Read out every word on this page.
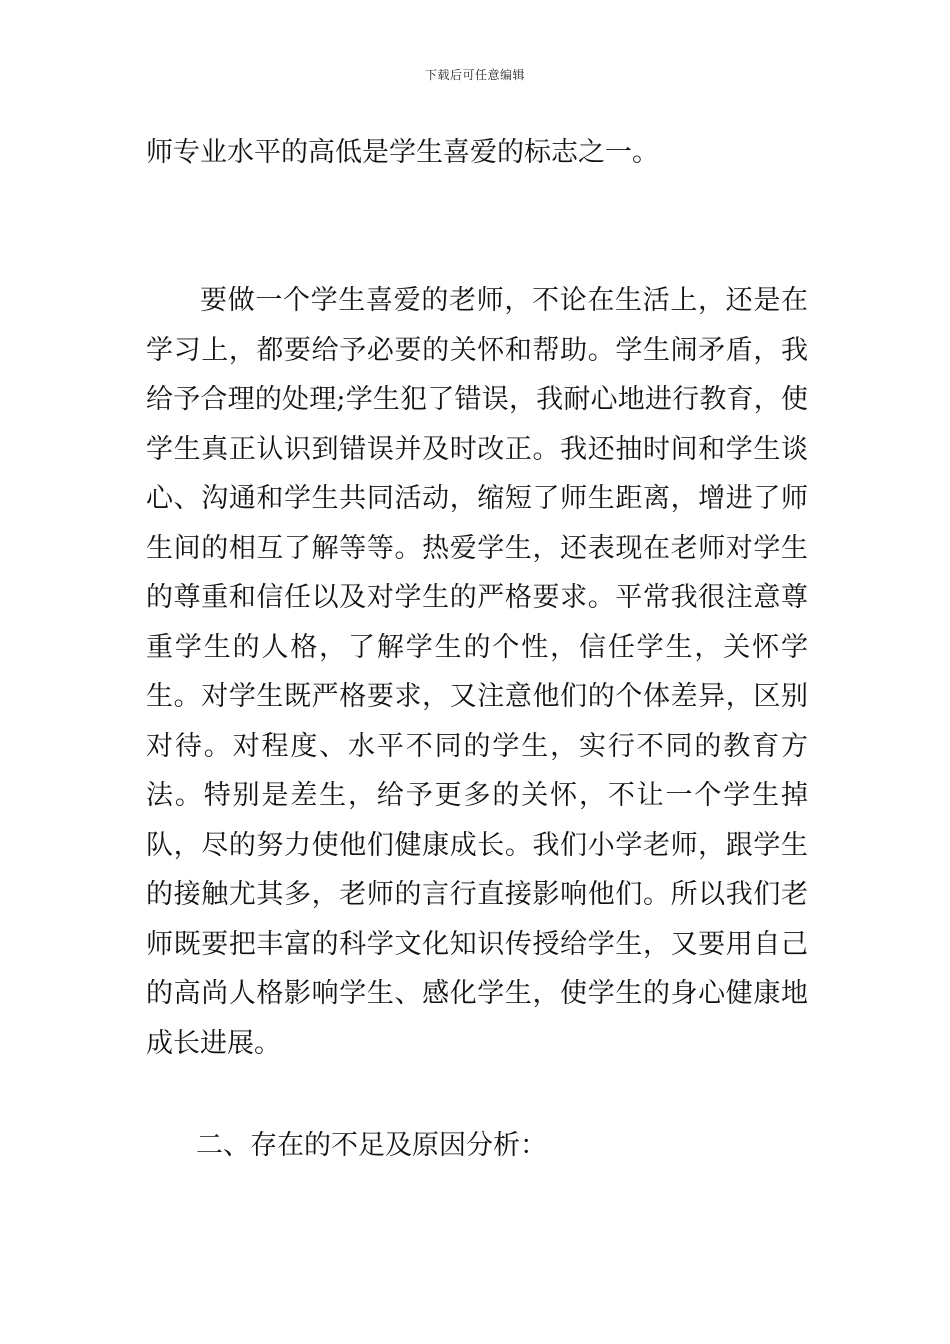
下载后可任意编辑

师专业水平的高低是学生喜爱的标志之一。

要做一个学生喜爱的老师，不论在生活上，还是在学习上，都要给予必要的关怀和帮助。学生闹矛盾，我给予合理的处理;学生犯了错误，我耐心地进行教育，使学生真正认识到错误并及时改正。我还抽时间和学生谈心、沟通和学生共同活动，缩短了师生距离，增进了师生间的相互了解等等。热爱学生，还表现在老师对学生的尊重和信任以及对学生的严格要求。平常我很注意尊重学生的人格，了解学生的个性，信任学生，关怀学生。对学生既严格要求，又注意他们的个体差异，区别对待。对程度、水平不同的学生，实行不同的教育方法。特别是差生，给予更多的关怀，不让一个学生掉队，尽的努力使他们健康成长。我们小学老师，跟学生的接触尤其多，老师的言行直接影响他们。所以我们老师既要把丰富的科学文化知识传授给学生，又要用自己的高尚人格影响学生、感化学生，使学生的身心健康地成长进展。

二、存在的不足及原因分析：
